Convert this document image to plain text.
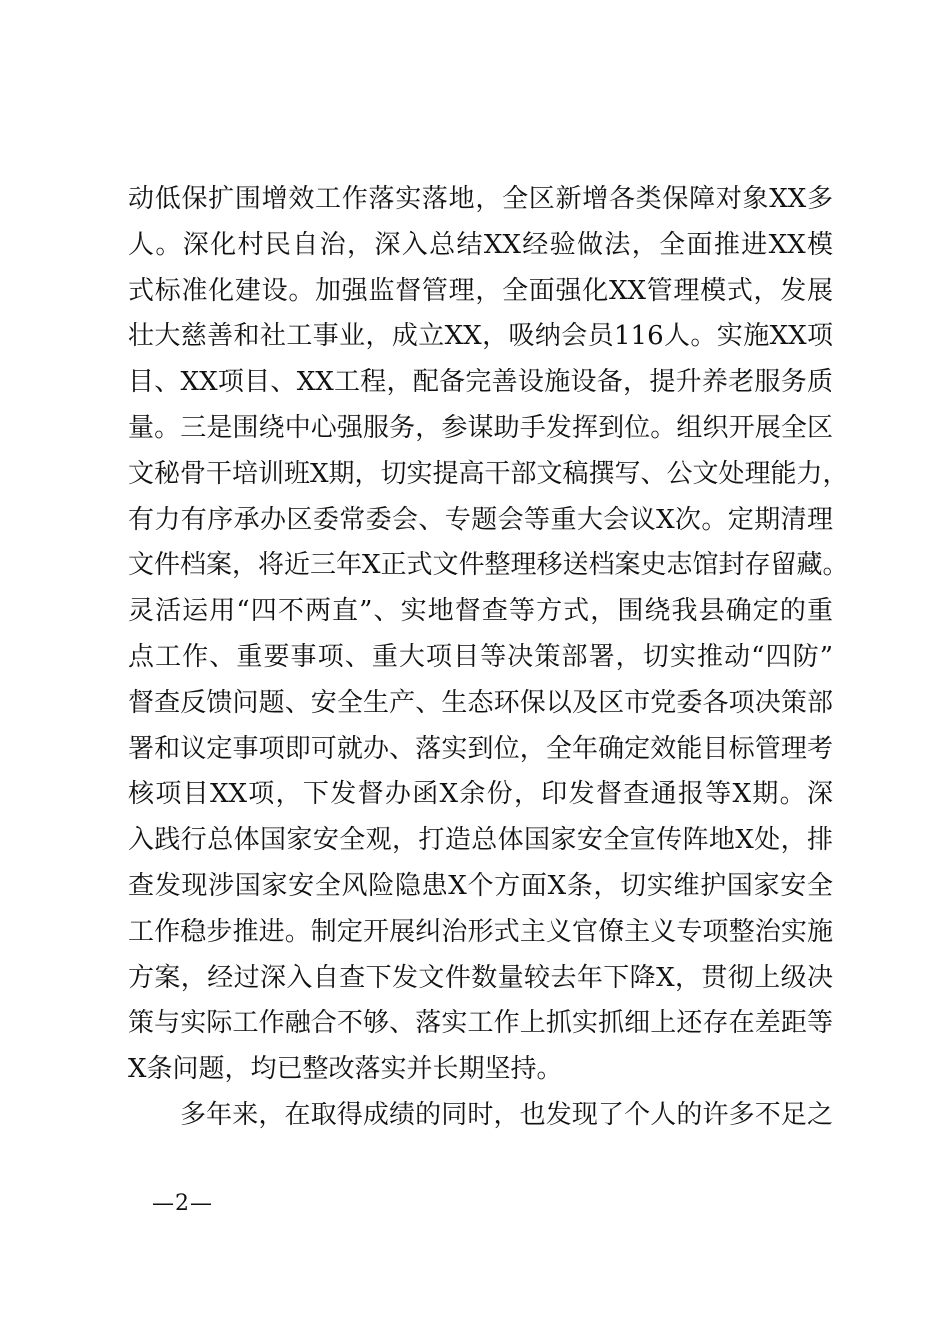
动低保扩围增效工作落实落地，全区新增各类保障对象XX多
人。深化村民自治，深入总结XX经验做法，全面推进XX模
式标准化建设。加强监督管理，全面强化XX管理模式，发展
壮大慈善和社工事业，成立XX，吸纳会员116人。实施XX项
目、XX项目、XX工程，配备完善设施设备，提升养老服务质
量。三是围绕中心强服务，参谋助手发挥到位。组织开展全区
文秘骨干培训班X期，切实提高干部文稿撰写、公文处理能力，
有力有序承办区委常委会、专题会等重大会议X次。定期清理
文件档案，将近三年X正式文件整理移送档案史志馆封存留藏。
灵活运用“四不两直”、实地督查等方式，围绕我县确定的重
点工作、重要事项、重大项目等决策部署，切实推动“四防”
督查反馈问题、安全生产、生态环保以及区市党委各项决策部
署和议定事项即可就办、落实到位，全年确定效能目标管理考
核项目XX项，下发督办函X余份，印发督查通报等X期。深
入践行总体国家安全观，打造总体国家安全宣传阵地X处，排
查发现涉国家安全风险隐患X个方面X条，切实维护国家安全
工作稳步推进。制定开展纠治形式主义官僚主义专项整治实施
方案，经过深入自查下发文件数量较去年下降X，贯彻上级决
策与实际工作融合不够、落实工作上抓实抓细上还存在差距等
X条问题，均已整改落实并长期坚持。
多年来，在取得成绩的同时，也发现了个人的许多不足之
—2—
